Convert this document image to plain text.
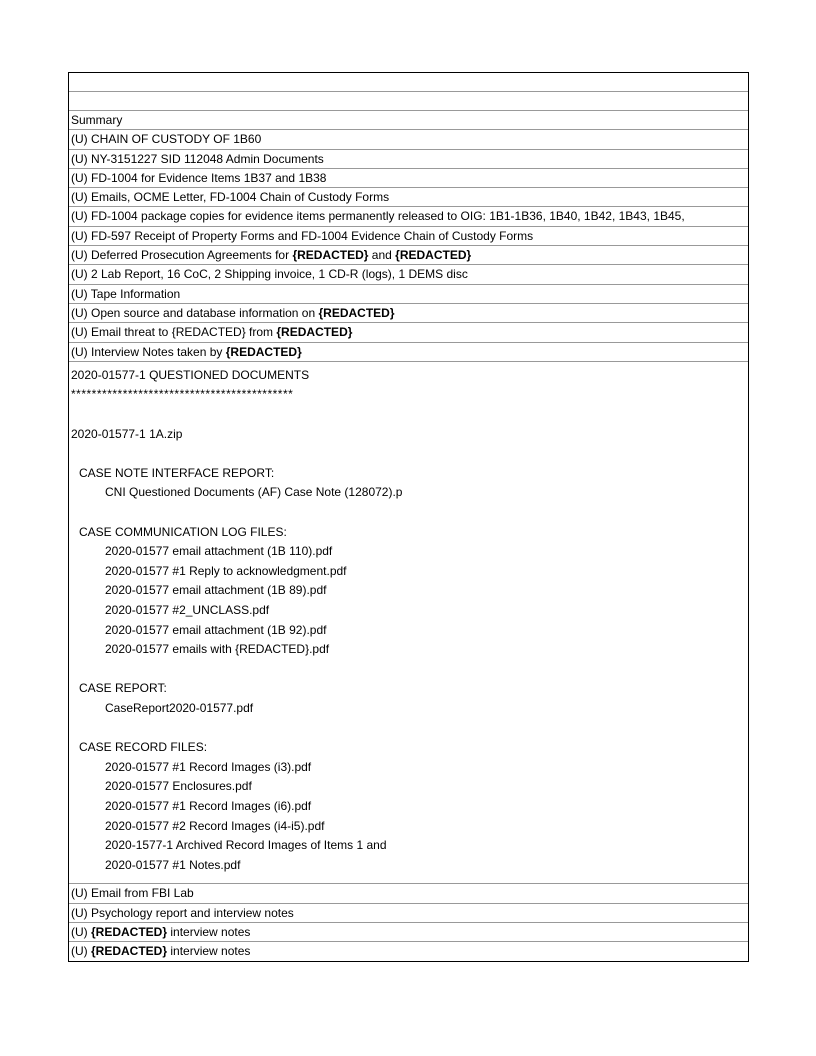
Summary
(U) CHAIN OF CUSTODY OF 1B60
(U) NY-3151227 SID 112048 Admin Documents
(U) FD-1004 for Evidence Items 1B37 and 1B38
(U) Emails, OCME Letter, FD-1004 Chain of Custody Forms
(U) FD-1004 package copies for evidence items permanently released to OIG: 1B1-1B36, 1B40, 1B42, 1B43, 1B45,
(U) FD-597 Receipt of Property Forms and FD-1004 Evidence Chain of Custody Forms
(U) Deferred Prosecution Agreements for {REDACTED} and {REDACTED}
(U) 2 Lab Report, 16 CoC, 2 Shipping invoice, 1 CD-R (logs), 1 DEMS disc
(U) Tape Information
(U) Open source and database information on {REDACTED}
(U) Email threat to {REDACTED} from {REDACTED}
(U) Interview Notes taken by {REDACTED}
2020-01577-1 QUESTIONED DOCUMENTS
*******************************************
2020-01577-1 1A.zip
CASE NOTE INTERFACE REPORT:
CNI Questioned Documents (AF) Case Note (128072).p
CASE COMMUNICATION LOG FILES:
2020-01577 email attachment (1B 110).pdf
2020-01577 #1 Reply to acknowledgment.pdf
2020-01577 email attachment (1B 89).pdf
2020-01577 #2_UNCLASS.pdf
2020-01577 email attachment (1B 92).pdf
2020-01577 emails with {REDACTED}.pdf
CASE REPORT:
CaseReport2020-01577.pdf
CASE RECORD FILES:
2020-01577 #1 Record Images (i3).pdf
2020-01577 Enclosures.pdf
2020-01577 #1 Record Images (i6).pdf
2020-01577 #2 Record Images (i4-i5).pdf
2020-1577-1 Archived Record Images of Items 1 and
2020-01577 #1 Notes.pdf
(U) Email from FBI Lab
(U) Psychology report and interview notes
(U) {REDACTED} interview notes
(U) {REDACTED} interview notes
